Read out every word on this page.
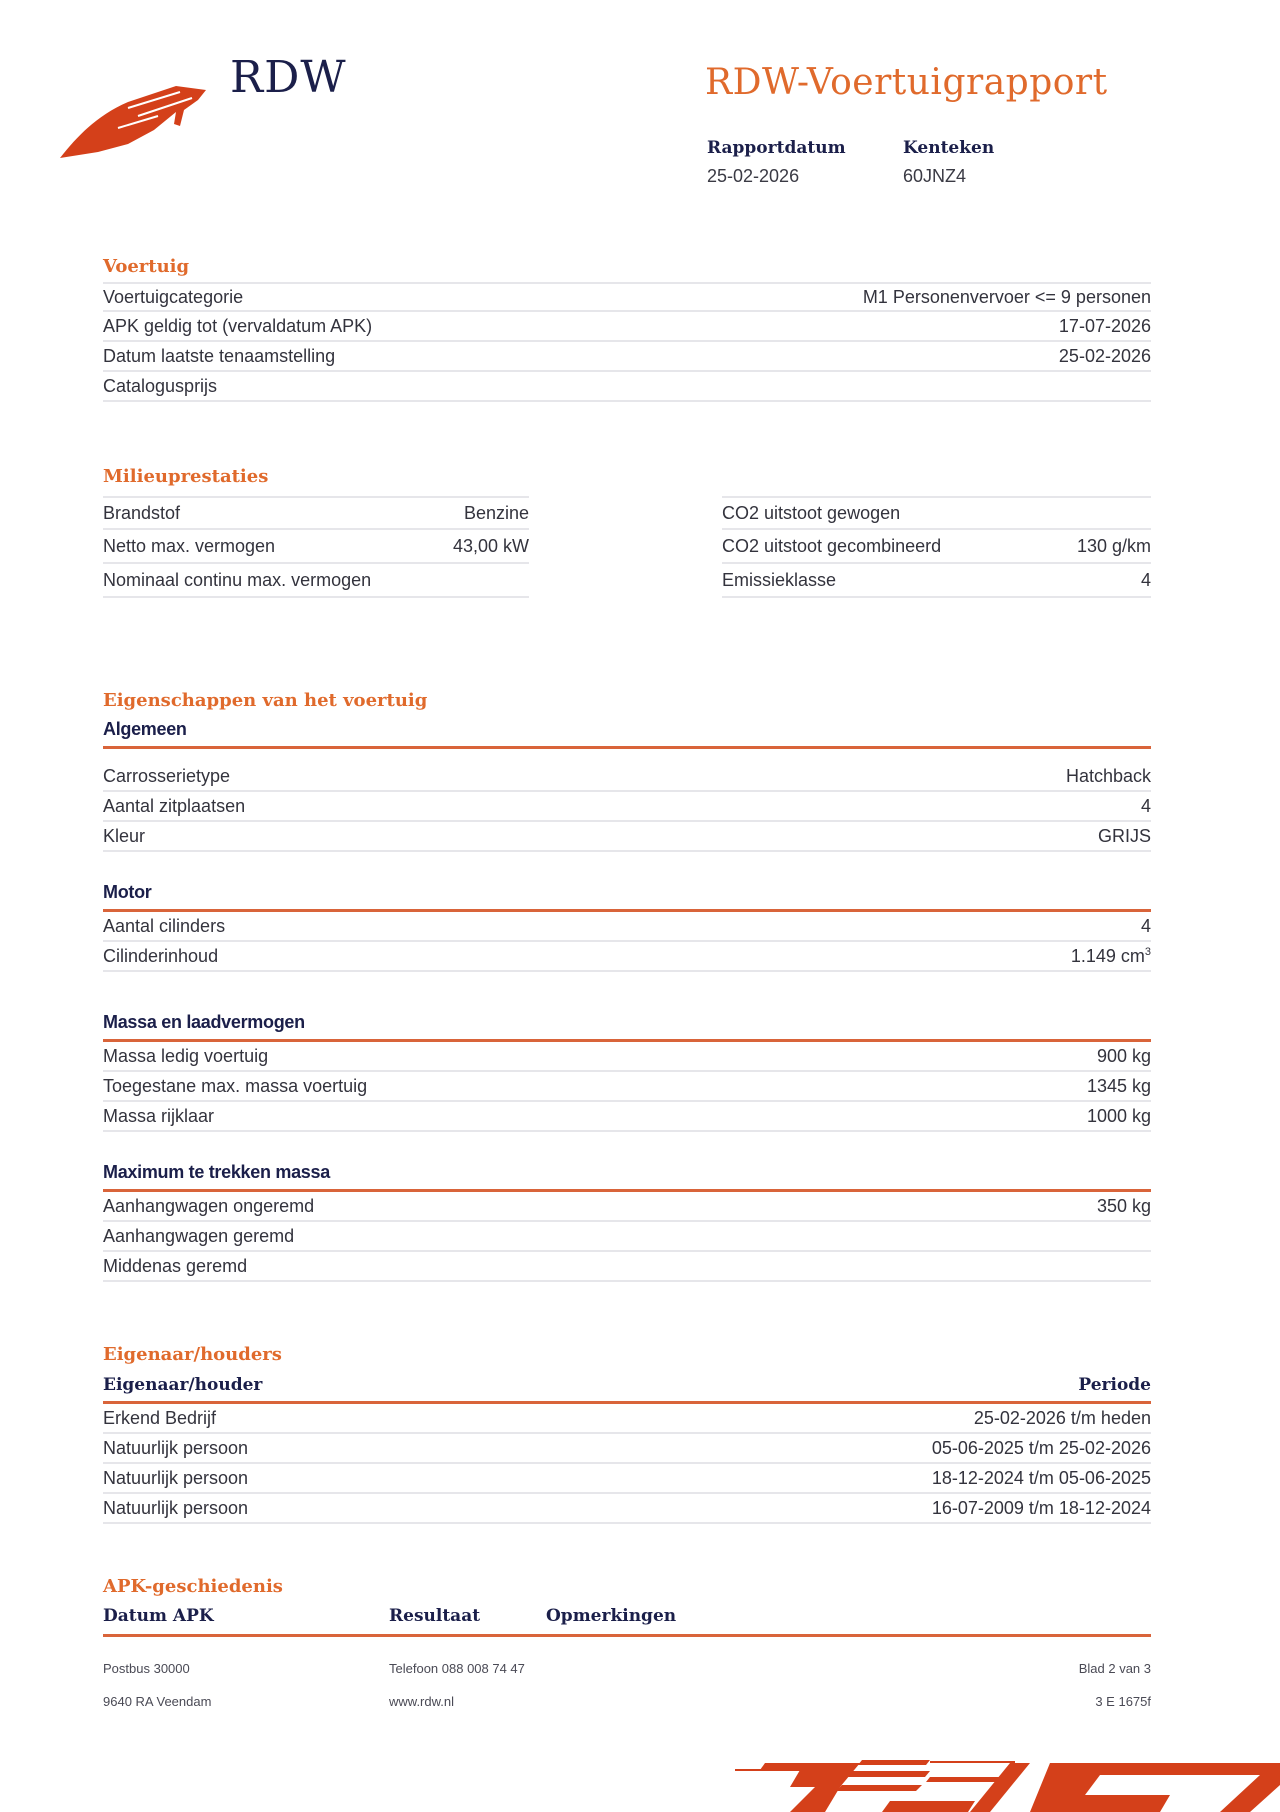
RDW	RDW-Voertuigrapport
Rapportdatum
25-02-2026
Kenteken
60JNZ4
Voertuig
Voertuigcategorie	M1 Personenvervoer <= 9 personen
APK geldig tot (vervaldatum APK)	17-07-2026
Datum laatste tenaamstelling	25-02-2026
Catalogusprijs
Milieuprestaties
Brandstof	Benzine
Netto max. vermogen	43,00 kW
Nominaal continu max. vermogen
CO2 uitstoot gewogen
CO2 uitstoot gecombineerd	130 g/km
Emissieklasse	4
Eigenschappen van het voertuig
Algemeen
Carrosserietype	Hatchback
Aantal zitplaatsen	4
Kleur	GRIJS
Motor
Aantal cilinders	4
Cilinderinhoud	1.149 $cm^3$
Massa en laadvermogen
Massa ledig voertuig	900 kg
Toegestane max. massa voertuig	1345 kg
Massa rijklaar	1000 kg
Maximum te trekken massa
Aanhangwagen ongeremd	350 kg
Aanhangwagen geremd
Middenas geremd
Eigenaar/houders
Eigenaar/houder	Periode
Erkend Bedrijf	25-02-2026 t/m heden
Natuurlijk persoon	05-06-2025 t/m 25-02-2026
Natuurlijk persoon	18-12-2024 t/m 05-06-2025
Natuurlijk persoon	16-07-2009 t/m 18-12-2024
APK-geschiedenis
Datum APK	Resultaat	Opmerkingen
Postbus 30000
9640 RA Veendam
Telefoon 088 008 74 47
www.rdw.nl
Blad 2 van 3
3 E 1675f
